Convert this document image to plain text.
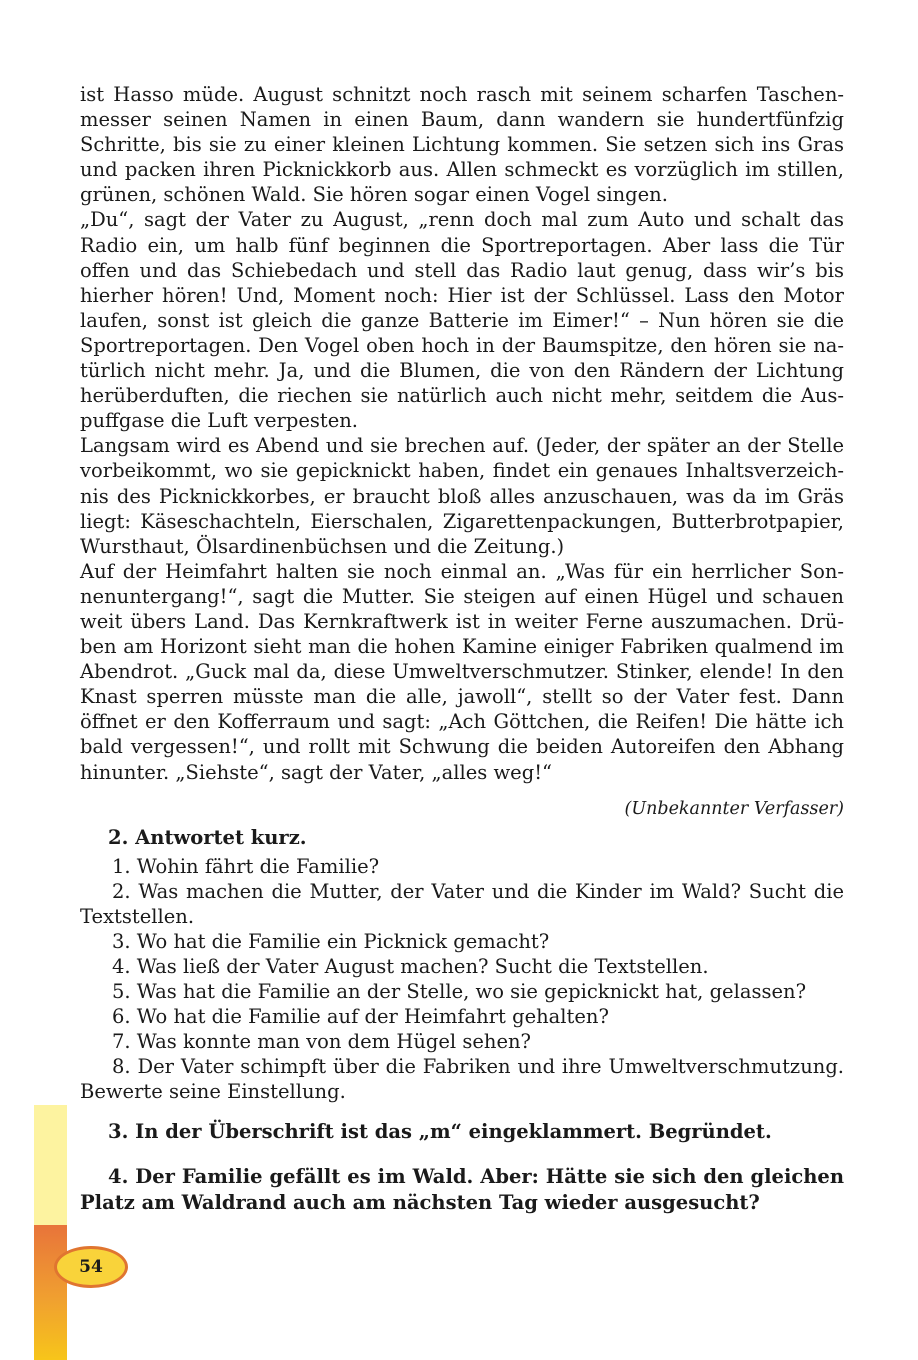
ist Hasso müde. August schnitzt noch rasch mit seinem scharfen Taschenmesser seinen Namen in einen Baum, dann wandern sie hundertfünfzig Schritte, bis sie zu einer kleinen Lichtung kommen. Sie setzen sich ins Gras und packen ihren Picknickkorb aus. Allen schmeckt es vorzüglich im stillen, grünen, schönen Wald. Sie hören sogar einen Vogel singen.

„Du“, sagt der Vater zu August, „renn doch mal zum Auto und schalt das Radio ein, um halb fünf beginnen die Sportreportagen. Aber lass die Tür offen und das Schiebedach und stell das Radio laut genug, dass wir’s bis hierher hören! Und, Moment noch: Hier ist der Schlüssel. Lass den Motor laufen, sonst ist gleich die ganze Batterie im Eimer!“ – Nun hören sie die Sportreportagen. Den Vogel oben hoch in der Baumspitze, den hören sie natürlich nicht mehr. Ja, und die Blumen, die von den Rändern der Lichtung herüberduften, die riechen sie natürlich auch nicht mehr, seitdem die Auspuffgase die Luft verpesten.

Langsam wird es Abend und sie brechen auf. (Jeder, der später an der Stelle vorbeikommt, wo sie gepicknickt haben, findet ein genaues Inhaltsverzeichnis des Picknickkorbes, er braucht bloß alles anzuschauen, was da im Gräs liegt: Käseschachteln, Eierschalen, Zigarettenpackungen, Butterbrotpapier, Wursthaut, Ölsardinenbüchsen und die Zeitung.)

Auf der Heimfahrt halten sie noch einmal an. „Was für ein herrlicher Sonnenuntergang!“, sagt die Mutter. Sie steigen auf einen Hügel und schauen weit übers Land. Das Kernkraftwerk ist in weiter Ferne auszumachen. Drüben am Horizont sieht man die hohen Kamine einiger Fabriken qualmend im Abendrot. „Guck mal da, diese Umweltverschmutzer. Stinker, elende! In den Knast sperren müsste man die alle, jawoll“, stellt so der Vater fest. Dann öffnet er den Kofferraum und sagt: „Ach Göttchen, die Reifen! Die hätte ich bald vergessen!“, und rollt mit Schwung die beiden Autoreifen den Abhang hinunter. „Siehste“, sagt der Vater, „alles weg!“

(Unbekannter Verfasser)
2. Antwortet kurz.

1. Wohin fährt die Familie?

2. Was machen die Mutter, der Vater und die Kinder im Wald? Sucht die Textstellen.

3. Wo hat die Familie ein Picknick gemacht?

4. Was ließ der Vater August machen? Sucht die Textstellen.

5. Was hat die Familie an der Stelle, wo sie gepicknickt hat, gelassen?

6. Wo hat die Familie auf der Heimfahrt gehalten?

7. Was konnte man von dem Hügel sehen?

8. Der Vater schimpft über die Fabriken und ihre Umweltverschmutzung. Bewerte seine Einstellung.

3. In der Überschrift ist das „m“ eingeklammert. Begründet.

4. Der Familie gefällt es im Wald. Aber: Hätte sie sich den gleichen Platz am Waldrand auch am nächsten Tag wieder ausgesucht?

54
